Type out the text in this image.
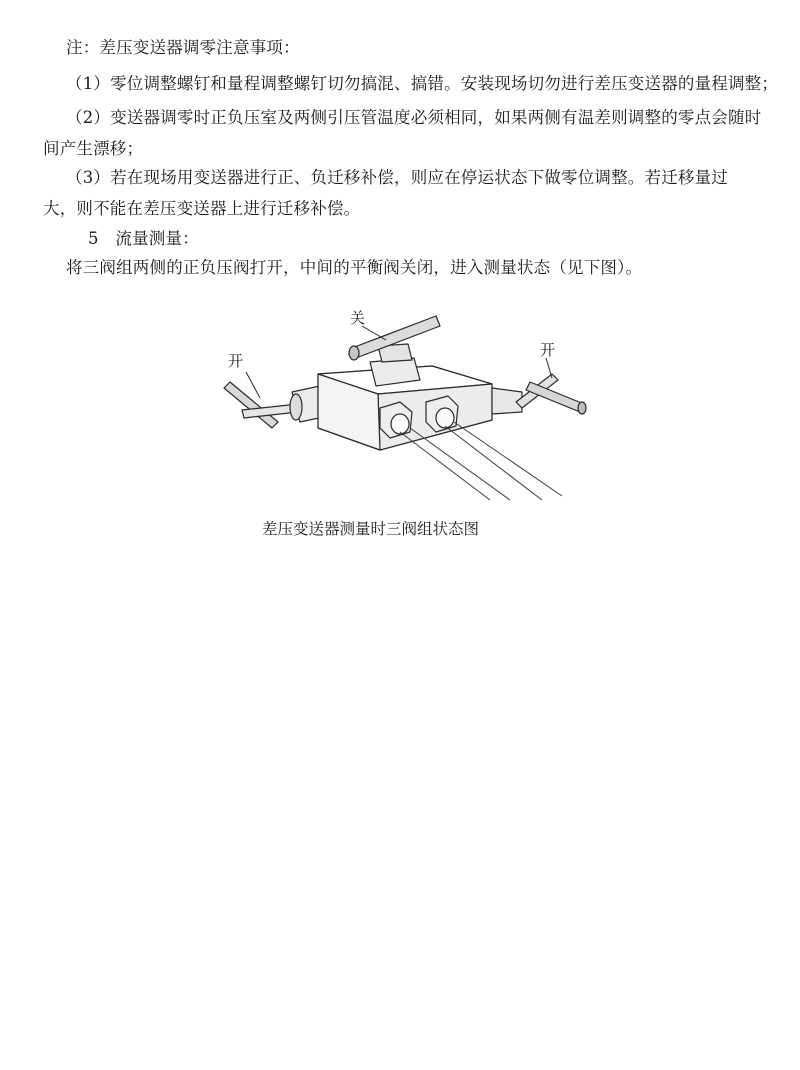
注：差压变送器调零注意事项：
（1）零位调整螺钉和量程调整螺钉切勿搞混、搞错。安装现场切勿进行差压变送器的量程调整；
（2）变送器调零时正负压室及两侧引压管温度必须相同，如果两侧有温差则调整的零点会随时
间产生漂移；
（3）若在现场用变送器进行正、负迁移补偿，则应在停运状态下做零位调整。若迁移量过
大，则不能在差压变送器上进行迁移补偿。
5　流量测量：
将三阀组两侧的正负压阀打开，中间的平衡阀关闭，进入测量状态（见下图）。
关
开
开
差压变送器测量时三阀组状态图
